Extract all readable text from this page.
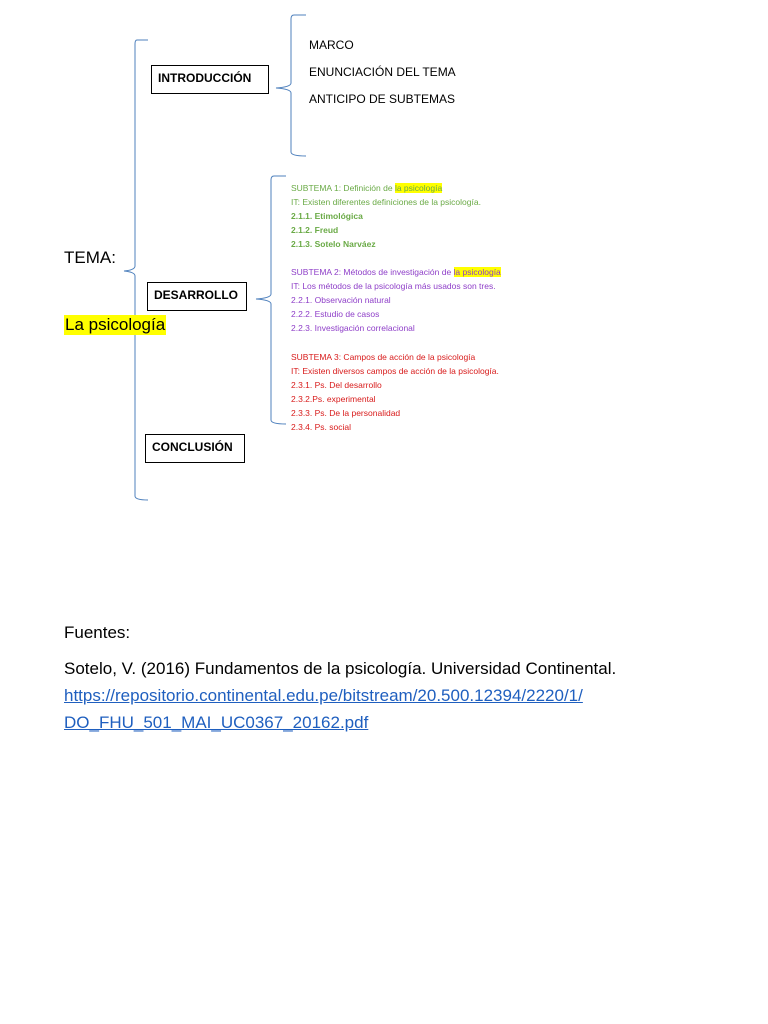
TEMA:
La psicología
INTRODUCCIÓN
DESARROLLO
CONCLUSIÓN
MARCO
ENUNCIACIÓN DEL TEMA
ANTICIPO DE SUBTEMAS
SUBTEMA 1: Definición de la psicología
IT: Existen diferentes definiciones de la psicología.
2.1.1. Etimológica
2.1.2. Freud
2.1.3. Sotelo Narváez
SUBTEMA 2: Métodos de investigación de la psicología
IT: Los métodos de la psicología más usados son tres.
2.2.1. Observación natural
2.2.2. Estudio de casos
2.2.3. Investigación correlacional
SUBTEMA 3: Campos de acción de la psicología
IT: Existen diversos campos de acción de la psicología.
2.3.1. Ps. Del desarrollo
2.3.2.Ps. experimental
2.3.3. Ps. De la personalidad
2.3.4. Ps. social
Fuentes:
Sotelo, V. (2016) Fundamentos de la psicología. Universidad Continental.
https://repositorio.continental.edu.pe/bitstream/20.500.12394/2220/1/
DO_FHU_501_MAI_UC0367_20162.pdf
